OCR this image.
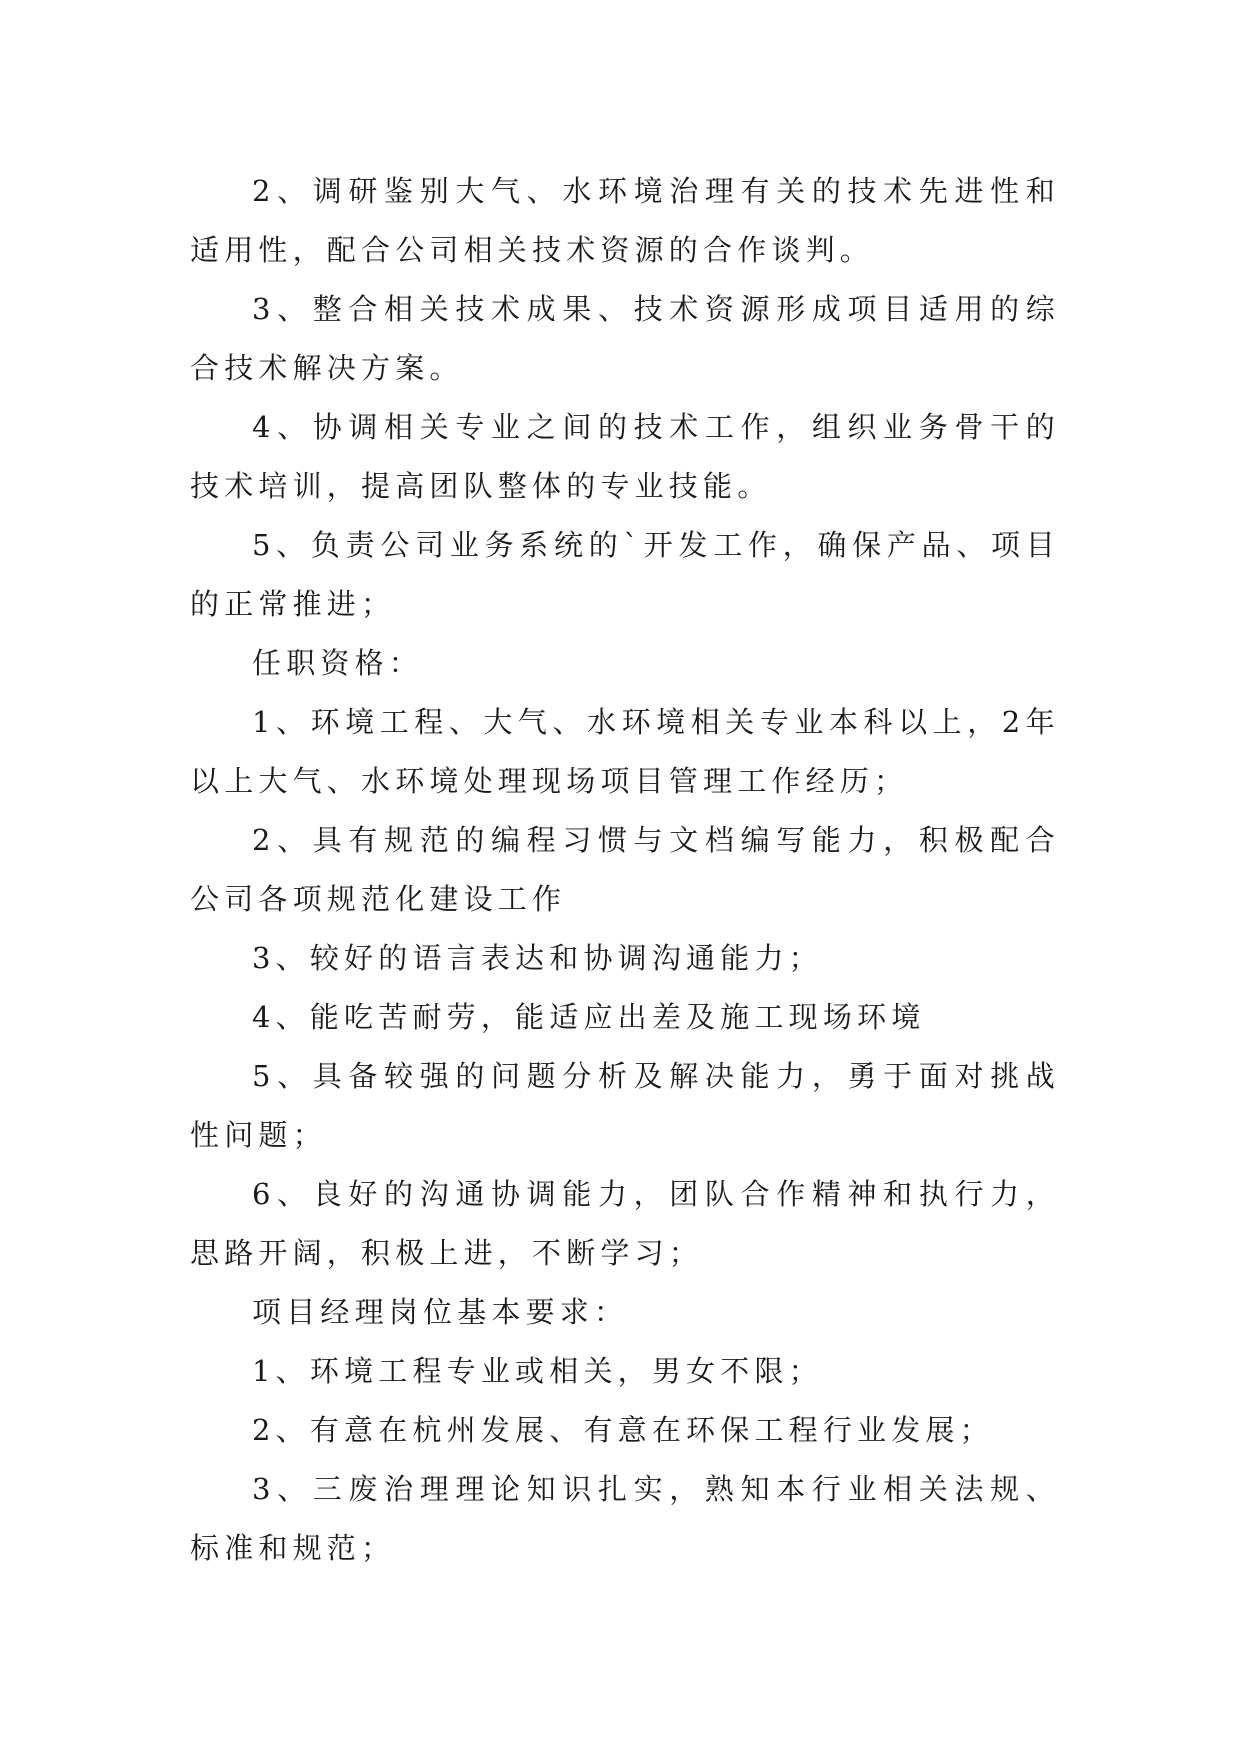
2、调研鉴别大气、水环境治理有关的技术先进性和适用性，配合公司相关技术资源的合作谈判。

3、整合相关技术成果、技术资源形成项目适用的综合技术解决方案。

4、协调相关专业之间的技术工作，组织业务骨干的技术培训，提高团队整体的专业技能。

5、负责公司业务系统的`开发工作，确保产品、项目的正常推进；

任职资格：

1、环境工程、大气、水环境相关专业本科以上，2年以上大气、水环境处理现场项目管理工作经历；

2、具有规范的编程习惯与文档编写能力，积极配合公司各项规范化建设工作

3、较好的语言表达和协调沟通能力；

4、能吃苦耐劳，能适应出差及施工现场环境

5、具备较强的问题分析及解决能力，勇于面对挑战性问题；

6、良好的沟通协调能力，团队合作精神和执行力，思路开阔，积极上进，不断学习；

项目经理岗位基本要求：

1、环境工程专业或相关，男女不限；

2、有意在杭州发展、有意在环保工程行业发展；

3、三废治理理论知识扎实，熟知本行业相关法规、标准和规范；
